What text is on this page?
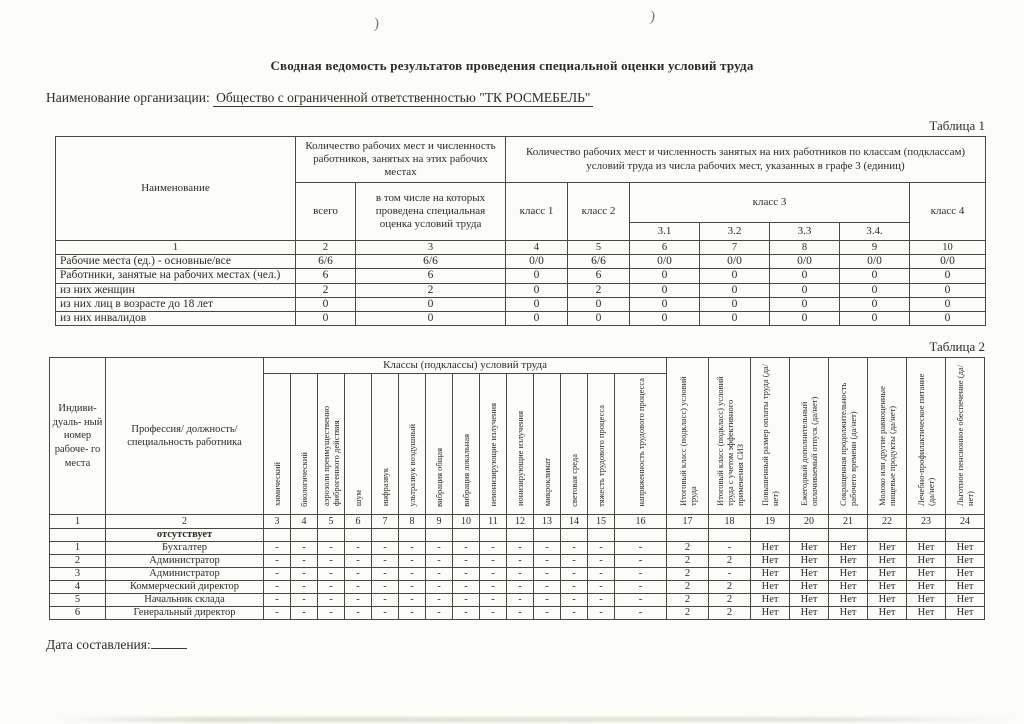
)	)
Сводная ведомость результатов проведения специальной оценки условий труда
Наименование организации: Общество с ограниченной ответственностью "ТК РОСМЕБЕЛЬ"
Таблица 1
Наименование	Количество рабочих мест и численность работников, занятых на этих рабочих местах		Количество рабочих мест и численность занятых на них работников по классам (подклассам) условий труда из числа рабочих мест, указанных в графе 3 (единиц)						
	всего	в том числе на которых проведена специальная оценка условий труда	класс 1	класс 2	класс 3				класс 4
					3.1	3.2	3.3	3.4.	
1	2	3	4	5	6	7	8	9	10
Рабочие места (ед.) - основные/все	6/6	6/6	0/0	6/6	0/0	0/0	0/0	0/0	0/0
Работники, занятые на рабочих местах (чел.)	6	6	0	6	0	0	0	0	0
из них женщин	2	2	0	2	0	0	0	0	0
из них лиц в возрасте до 18 лет	0	0	0	0	0	0	0	0	0
из них инвалидов	0	0	0	0	0	0	0	0	0
Таблица 2
Индиви- дуаль- ный номер рабоче- го места	Профессия/ должность/ специальность работника	Классы (подклассы) условий труда														Итоговый класс (подкласс) условий труда	Итоговый класс (подкласс) условий труда с учетом эффективного применения СИЗ	Повышенный размер оплаты труда (да/нет)	Ежегодный дополнительный оплачиваемый отпуск (да/нет)	Сокращенная продолжительность рабочего времени (да/нет)	Молоко или другие равноценные пищевые продукты (да/нет)	Лечебно-профилактическое питание (да/нет)	Льготное пенсионное обеспечение (да/нет)
		химический	биологический	аэрозоли преимущественно фиброгенного действия	шум	инфразвук	ультразвук воздушный	вибрация общая	вибрация локальная	неионизирующие излучения	ионизирующие излучения	микроклимат	световая среда	тяжесть трудового процесса	напряженность трудового процесса								
1	2	3	4	5	6	7	8	9	10	11	12	13	14	15	16	17	18	19	20	21	22	23	24
	отсутствует																						
1	Бухгалтер	-	-	-	-	-	-	-	-	-	-	-	-	-	-	2	-	Нет	Нет	Нет	Нет	Нет	Нет
2	Администратор	-	-	-	-	-	-	-	-	-	-	-	-	-	-	2	2	Нет	Нет	Нет	Нет	Нет	Нет
3	Администратор	-	-	-	-	-	-	-	-	-	-	-	-	-	-	2	-	Нет	Нет	Нет	Нет	Нет	Нет
4	Коммерческий директор	-	-	-	-	-	-	-	-	-	-	-	-	-	-	2	2	Нет	Нет	Нет	Нет	Нет	Нет
5	Начальник склада	-	-	-	-	-	-	-	-	-	-	-	-	-	-	2	2	Нет	Нет	Нет	Нет	Нет	Нет
6	Генеральный директор	-	-	-	-	-	-	-	-	-	-	-	-	-	-	2	2	Нет	Нет	Нет	Нет	Нет	Нет
Дата составления:
